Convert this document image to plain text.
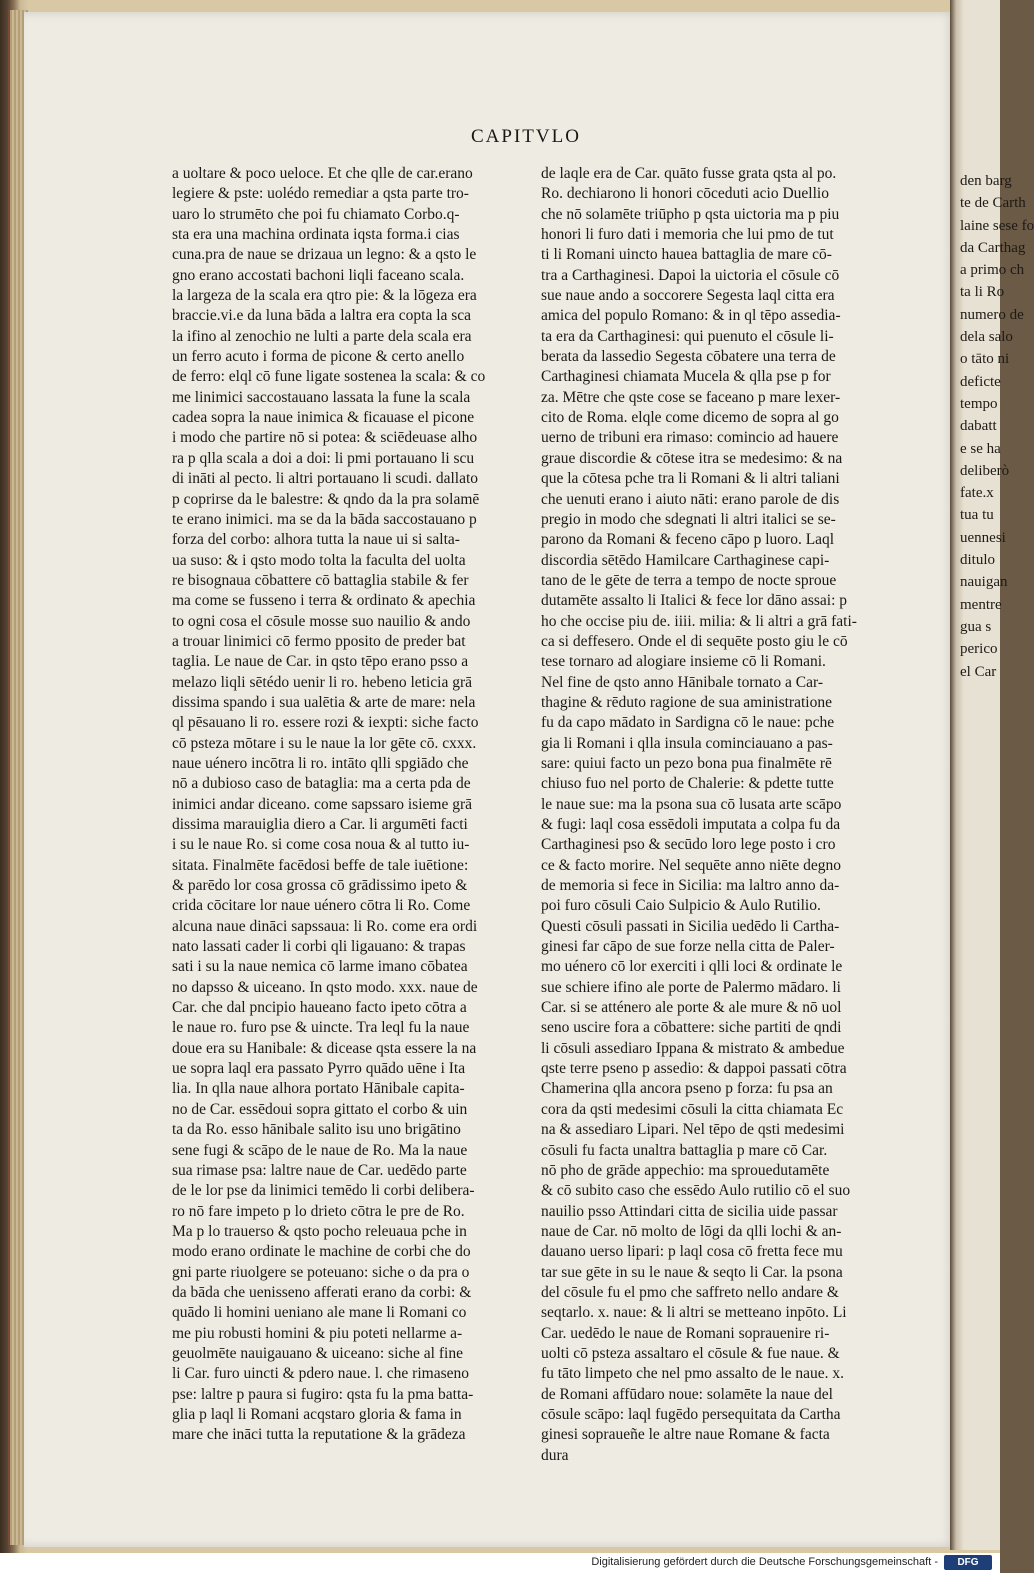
den barg
te de Carth
laine sese fo
da Carthag
a primo ch
ta li Ro
numero de
dela salo
o tāto ni
deficte
tempo
dabatt
e se ha
deliberò
fate.x
tua tu
uennesi
ditulo
nauigan
mentre
gua s
perico
el Car
CAPITVLO
a uoltare & poco ueloce. Et che qlle de car.erano
legiere & pste: uolédo remediar a qsta parte tro-
uaro lo strumēto che poi fu chiamato Corbo.q-
sta era una machina ordinata iqsta forma.i cias
cuna.pra de naue se drizaua un legno: & a qsto le
gno erano accostati bachoni liqli faceano scala.
la largeza de la scala era qtro pie: & la lōgeza era
braccie.vi.e da luna bāda a laltra era copta la sca
la ifino al zenochio ne lulti a parte dela scala era
un ferro acuto i forma de picone & certo anello
de ferro: elql cō fune ligate sostenea la scala: & co
me linimici saccostauano lassata la fune la scala
cadea sopra la naue inimica & ficauase el picone
i modo che partire nō si potea: & sciēdeuase alho
ra p qlla scala a doi a doi: li pmi portauano li scu
di ināti al pecto. li altri portauano li scudi. dallato
p coprirse da le balestre: & qndo da la pra solamē
te erano inimici. ma se da la bāda saccostauano p
forza del corbo: alhora tutta la naue ui si salta-
ua suso: & i qsto modo tolta la faculta del uolta
re bisognaua cōbattere cō battaglia stabile & fer
ma come se fusseno i terra & ordinato & apechia
to ogni cosa el cōsule mosse suo nauilio & ando
a trouar linimici cō fermo pposito de preder bat
taglia. Le naue de Car. in qsto tēpo erano psso a
melazo liqli sētédo uenir li ro. hebeno leticia grā
dissima spando i sua ualētia & arte de mare: nela
ql pēsauano li ro. essere rozi & iexpti: siche facto
cō psteza mōtare i su le naue la lor gēte cō. cxxx.
naue uénero incōtra li ro. intāto qlli spgiādo che
nō a dubioso caso de bataglia: ma a certa pda de
inimici andar diceano. come sapssaro isieme grā
dissima marauiglia diero a Car. li argumēti facti
i su le naue Ro. si come cosa noua & al tutto iu-
sitata. Finalmēte facēdosi beffe de tale iuētione:
& parēdo lor cosa grossa cō grādissimo ipeto &
crida cōcitare lor naue uénero cōtra li Ro. Come
alcuna naue dināci sapssaua: li Ro. come era ordi
nato lassati cader li corbi qli ligauano: & trapas
sati i su la naue nemica cō larme imano cōbatea
no dapsso & uiceano. In qsto modo. xxx. naue de
Car. che dal pncipio haueano facto ipeto cōtra a
le naue ro. furo pse & uincte. Tra leql fu la naue
doue era su Hanibale: & dicease qsta essere la na
ue sopra laql era passato Pyrro quādo uēne i Ita
lia. In qlla naue alhora portato Hānibale capita-
no de Car. essēdoui sopra gittato el corbo & uin
ta da Ro. esso hānibale salito isu uno brigātino
sene fugi & scāpo de le naue de Ro. Ma la naue
sua rimase psa: laltre naue de Car. uedēdo parte
de le lor pse da linimici temēdo li corbi delibera-
ro nō fare impeto p lo drieto cōtra le pre de Ro.
Ma p lo trauerso & qsto pocho releuaua pche in
modo erano ordinate le machine de corbi che do
gni parte riuolgere se poteuano: siche o da pra o
da bāda che uenisseno afferati erano da corbi: &
quādo li homini ueniano ale mane li Romani co
me piu robusti homini & piu poteti nellarme a-
geuolmēte nauigauano & uiceano: siche al fine
li Car. furo uincti & pdero naue. l. che rimaseno
pse: laltre p paura si fugiro: qsta fu la pma batta-
glia p laql li Romani acqstaro gloria & fama in
mare che ināci tutta la reputatione & la grādeza
de laqle era de Car. quāto fusse grata qsta al po.
Ro. dechiarono li honori cōceduti acio Duellio
che nō solamēte triūpho p qsta uictoria ma p piu
honori li furo dati i memoria che lui pmo de tut
ti li Romani uincto haueа battaglia de mare cō-
tra a Carthaginesi. Dapoi la uictoria el cōsule cō
sue naue ando a soccorere Segesta laql citta era
amica del populo Romano: & in ql tēpo assedia-
ta era da Carthaginesi: qui puenuto el cōsule li-
berata da lassedio Segesta cōbatere una terra de
Carthaginesi chiamata Mucela & qlla pse p for
za. Mētre che qste cose se faceano p mare lexer-
cito de Roma. elqle come dicemo de sopra al go
uerno de tribuni era rimaso: comincio ad hauere
graue discordie & cōtese itra se medesimo: & na
que la cōtesa pche tra li Romani & li altri taliani
che uenuti erano i aiuto nāti: erano parole de dis
pregio in modo che sdegnati li altri italici se se-
parono da Romani & feceno cāpo p luoro. Laql
discordia sētēdo Hamilcare Carthaginese capi-
tano de le gēte de terra a tempo de nocte sproue
dutamēte assalto li Italici & fece lor dāno assai: p
ho che occise piu de. iiii. milia: & li altri a grā fati-
ca si deffesero. Onde el di sequēte posto giu le cō
tese tornaro ad alogiare insieme cō li Romani.
Nel fine de qsto anno Hānibale tornato a Car-
thagine & rēduto ragione de sua aministratione
fu da capo mādato in Sardigna cō le naue: pche
gia li Romani i qlla insula cominciauano a pas-
sare: quiui facto un pezo bona pua finalmēte rē
chiuso fuo nel porto de Chalerie: & pdette tutte
le naue sue: ma la psona sua cō lusata arte scāpo
& fugi: laql cosa essēdoli imputata a colpa fu da
Carthaginesi pso & secūdo loro lege posto i cro
ce & facto morire. Nel sequēte anno niēte degno
de memoria si fece in Sicilia: ma laltro anno da-
poi furo cōsuli Caio Sulpicio & Aulo Rutilio.
Questi cōsuli passati in Sicilia uedēdo li Cartha-
ginesi far cāpo de sue forze nella citta de Paler-
mo uénero cō lor exerciti i qlli loci & ordinate le
sue schiere ifino ale porte de Palermo mādaro. li
Car. si se atténero ale porte & ale mure & nō uol
seno uscire fora a cōbattere: siche partiti de qndi
li cōsuli assediaro Ippana & mistrato & ambedue
qste terre pseno p assedio: & dappoi passati cōtra
Chamerina qlla ancora pseno p forza: fu psa an
cora da qsti medesimi cōsuli la citta chiamata Ec
na & assediaro Lipari. Nel tēpo de qsti medesimi
cōsuli fu facta unaltra battaglia p mare cō Car.
nō pho de grāde appechio: ma sprouedutamēte
& cō subito caso che essēdo Aulo rutilio cō el suo
nauilio psso Attindari citta de sicilia uide passar
naue de Car. nō molto de lōgi da qlli lochi & an-
dauano uerso lipari: p laql cosa cō fretta fece mu
tar sue gēte in su le naue & seqto li Car. la psona
del cōsule fu el pmo che saffreto nello andare &
seqtarlo. x. naue: & li altri se metteano inpōto. Li
Car. uedēdo le naue de Romani soprauenire ri-
uolti cō psteza assaltaro el cōsule & fue naue. &
fu tāto limpeto che nel pmo assalto de le naue. x.
de Romani affūdaro noue: solamēte la naue del
cōsule scāpo: laql fugēdo persequitata da Cartha
ginesi sopraueñe le altre naue Romane & facta
dura
Digitalisierung gefördert durch die Deutsche Forschungsgemeinschaft -	DFG
